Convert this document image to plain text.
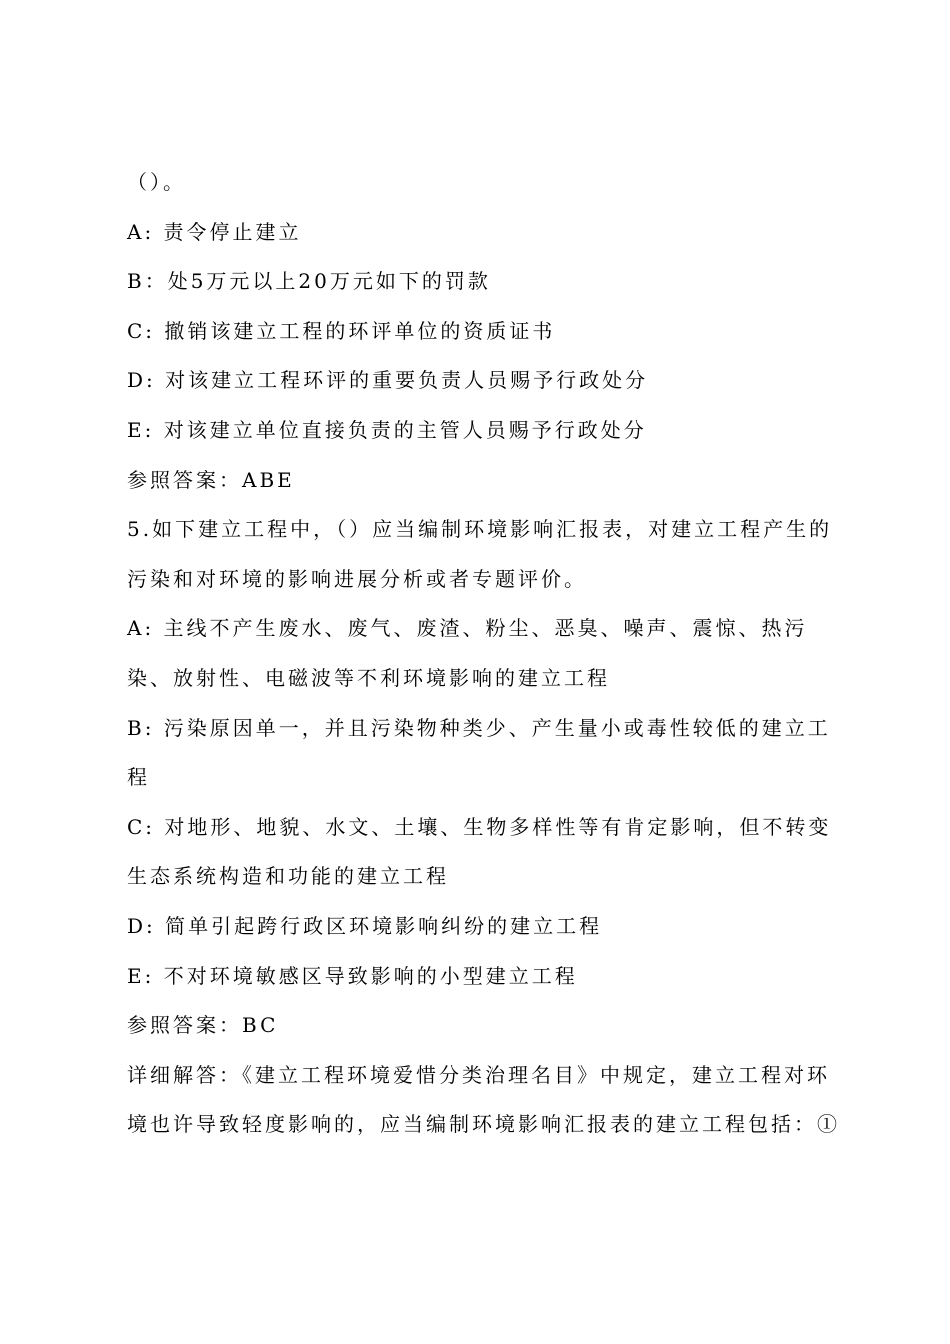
（）。
A: 责令停止建立
B：处5万元以上20万元如下的罚款
C: 撤销该建立工程的环评单位的资质证书
D: 对该建立工程环评的重要负责人员赐予行政处分
E: 对该建立单位直接负责的主管人员赐予行政处分
参照答案：ABE
5.如下建立工程中，（）应当编制环境影响汇报表，对建立工程产生的
污染和对环境的影响进展分析或者专题评价。
A: 主线不产生废水、废气、废渣、粉尘、恶臭、噪声、震惊、热污
染、放射性、电磁波等不利环境影响的建立工程
B: 污染原因单一，并且污染物种类少、产生量小或毒性较低的建立工
程
C: 对地形、地貌、水文、土壤、生物多样性等有肯定影响，但不转变
生态系统构造和功能的建立工程
D: 简单引起跨行政区环境影响纠纷的建立工程
E: 不对环境敏感区导致影响的小型建立工程
参照答案：BC
详细解答：《建立工程环境爱惜分类治理名目》中规定，建立工程对环
境也许导致轻度影响的，应当编制环境影响汇报表的建立工程包括：①
